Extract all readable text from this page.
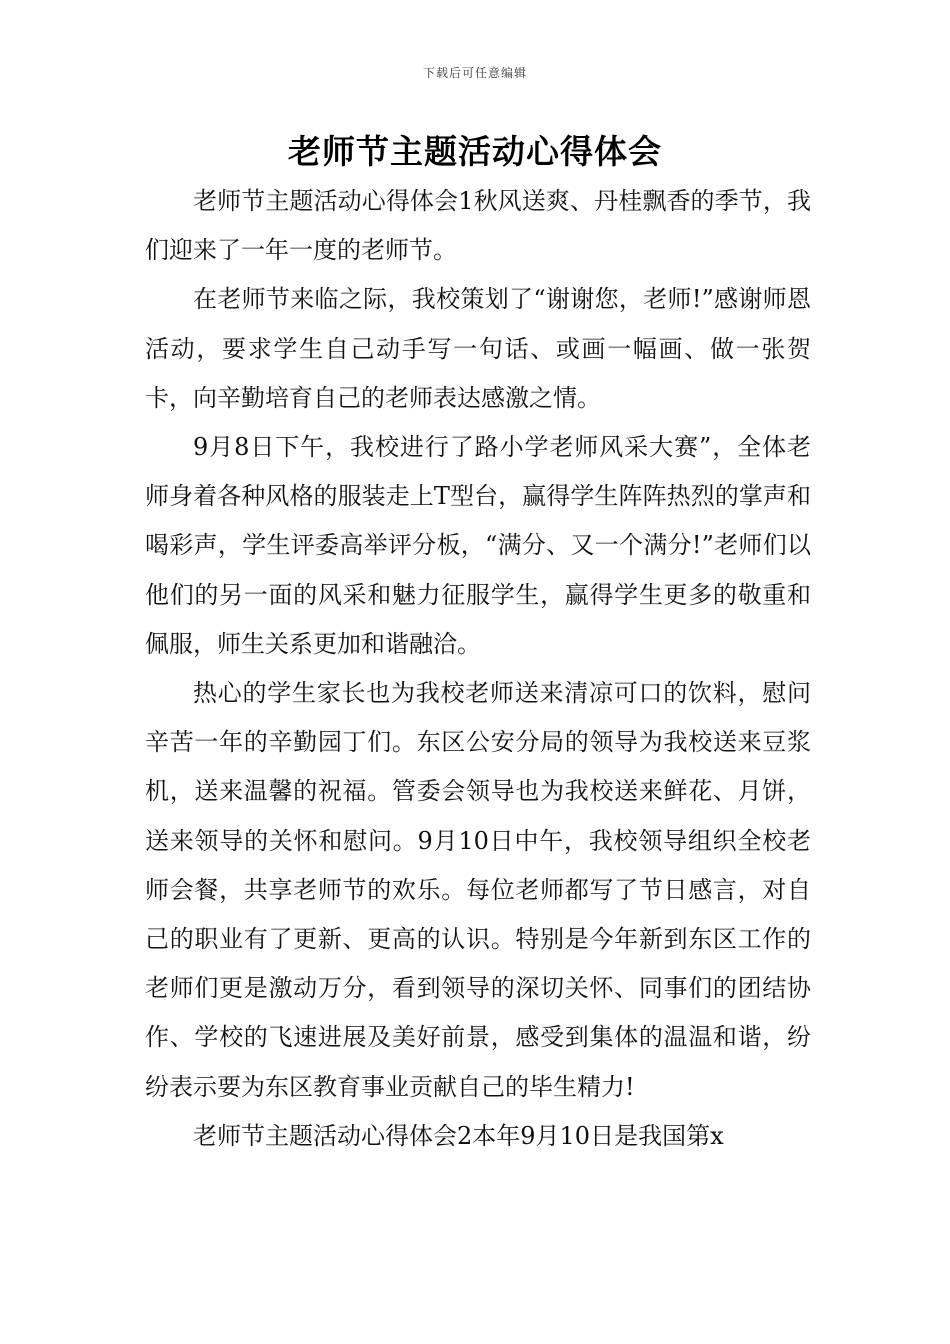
下载后可任意编辑
老师节主题活动心得体会

老师节主题活动心得体会1秋风送爽、丹桂飘香的季节，我们迎来了一年一度的老师节。

在老师节来临之际，我校策划了“谢谢您，老师!”感谢师恩活动，要求学生自己动手写一句话、或画一幅画、做一张贺卡，向辛勤培育自己的老师表达感激之情。

9月8日下午，我校进行了路小学老师风采大赛”，全体老师身着各种风格的服装走上T型台，赢得学生阵阵热烈的掌声和喝彩声，学生评委高举评分板，“满分、又一个满分!”老师们以他们的另一面的风采和魅力征服学生，赢得学生更多的敬重和佩服，师生关系更加和谐融洽。

热心的学生家长也为我校老师送来清凉可口的饮料，慰问辛苦一年的辛勤园丁们。东区公安分局的领导为我校送来豆浆机，送来温馨的祝福。管委会领导也为我校送来鲜花、月饼，送来领导的关怀和慰问。9月10日中午，我校领导组织全校老师会餐，共享老师节的欢乐。每位老师都写了节日感言，对自己的职业有了更新、更高的认识。特别是今年新到东区工作的老师们更是激动万分，看到领导的深切关怀、同事们的团结协作、学校的飞速进展及美好前景，感受到集体的温温和谐，纷纷表示要为东区教育事业贡献自己的毕生精力!

老师节主题活动心得体会2本年9月10日是我国第x
